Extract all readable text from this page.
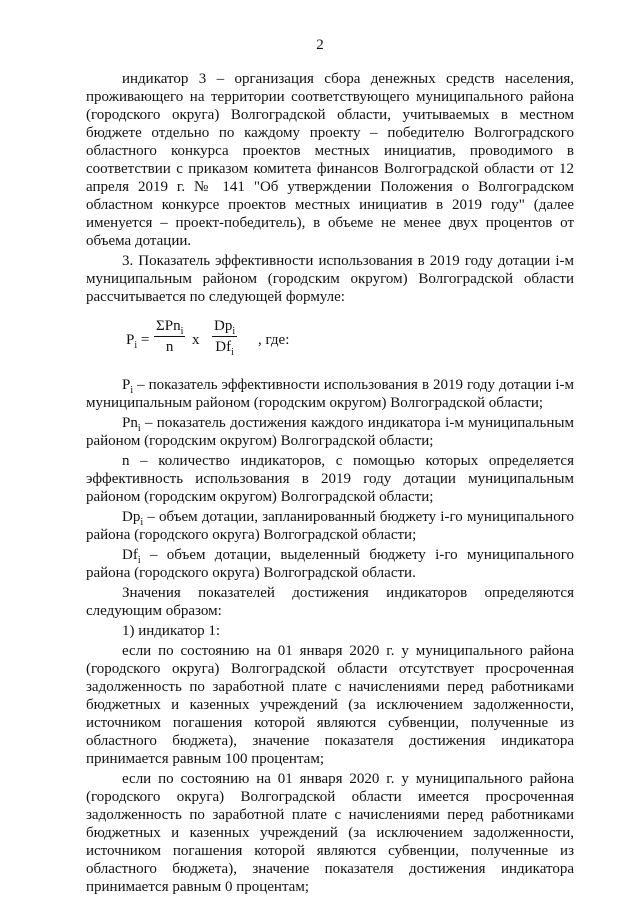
2

индикатор 3 – организация сбора денежных средств населения, проживающего на территории соответствующего муниципального района (городского округа) Волгоградской области, учитываемых в местном бюджете отдельно по каждому проекту – победителю Волгоградского областного конкурса проектов местных инициатив, проводимого в соответствии с приказом комитета финансов Волгоградской области от 12 апреля 2019 г. № 141 "Об утверждении Положения о Волгоградском областном конкурсе проектов местных инициатив в 2019 году" (далее именуется – проект-победитель), в объеме не менее двух процентов от объема дотации.

3. Показатель эффективности использования в 2019 году дотации i-м муниципальным районом (городским округом) Волгоградской области рассчитывается по следующей формуле:

$P_i$ =
ΣPn$_i$
n	x
$Dp_i$
$Df_i$
, где:

$P_i$ – показатель эффективности использования в 2019 году дотации i-м муниципальным районом (городским округом) Волгоградской области;

$Pn_i$ – показатель достижения каждого индикатора i-м муниципальным районом (городским округом) Волгоградской области;

n – количество индикаторов, с помощью которых определяется эффективность использования в 2019 году дотации муниципальным районом (городским округом) Волгоградской области;

$Dp_i$ – объем дотации, запланированный бюджету i-го муниципального района (городского округа) Волгоградской области;

$Df_i$ – объем дотации, выделенный бюджету i-го муниципального района (городского округа) Волгоградской области.

Значения показателей достижения индикаторов определяются следующим образом:

1) индикатор 1:

если по состоянию на 01 января 2020 г. у муниципального района (городского округа) Волгоградской области отсутствует просроченная задолженность по заработной плате с начислениями перед работниками бюджетных и казенных учреждений (за исключением задолженности, источником погашения которой являются субвенции, полученные из областного бюджета), значение показателя достижения индикатора принимается равным 100 процентам;

если по состоянию на 01 января 2020 г. у муниципального района (городского округа) Волгоградской области имеется просроченная задолженность по заработной плате с начислениями перед работниками бюджетных и казенных учреждений (за исключением задолженности, источником погашения которой являются субвенции, полученные из областного бюджета), значение показателя достижения индикатора принимается равным 0 процентам;
